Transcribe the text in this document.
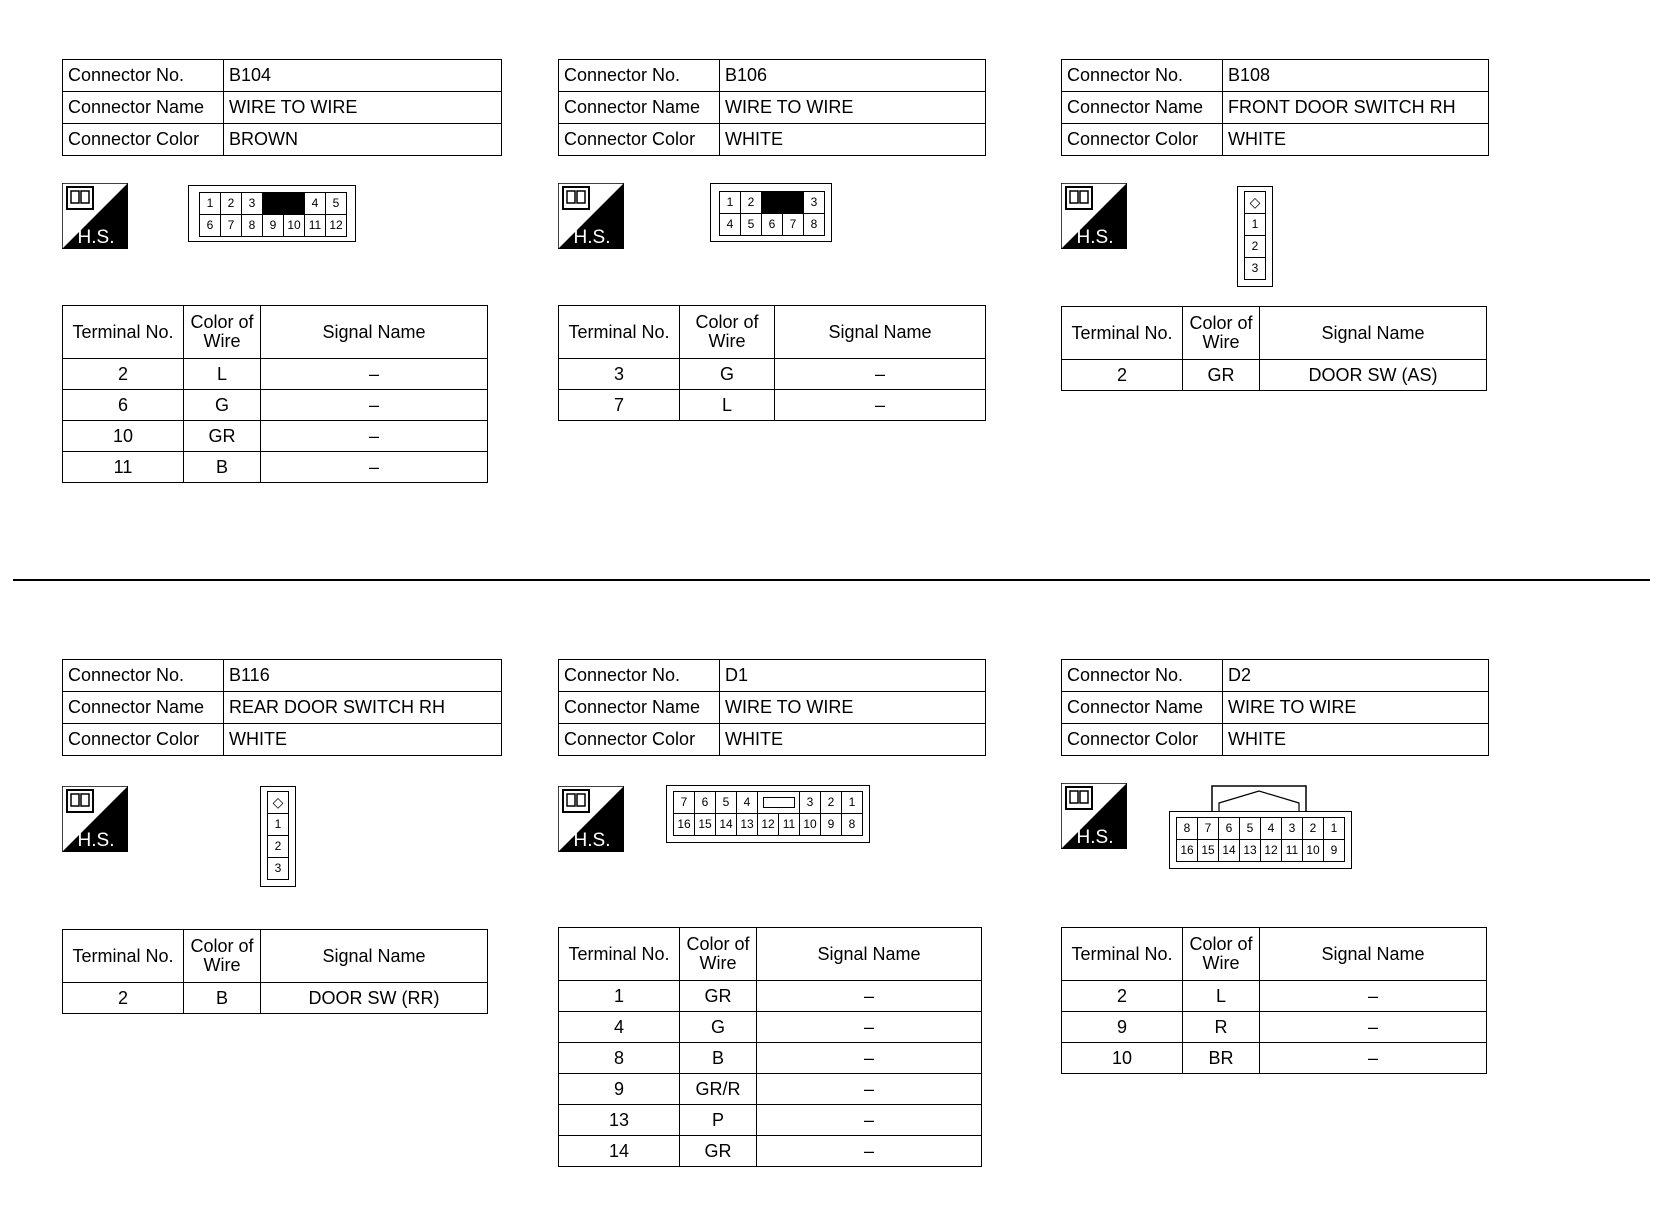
Connector No.	B104
Connector Name	WIRE TO WIRE
Connector Color	BROWN
H.S.
1	2	3			4	5
6	7	8	9	10	11	12
Terminal No.	Color of Wire	Signal Name
2	L	–
6	G	–
10	GR	–
11	B	–
Connector No.	B106
Connector Name	WIRE TO WIRE
Connector Color	WHITE
H.S.
1	2			3
4	5	6	7	8
Terminal No.	Color of Wire	Signal Name
3	G	–
7	L	–
Connector No.	B108
Connector Name	FRONT DOOR SWITCH RH
Connector Color	WHITE
H.S.
◇
1
2
3
Terminal No.	Color of Wire	Signal Name
2	GR	DOOR SW (AS)
Connector No.	B116
Connector Name	REAR DOOR SWITCH RH
Connector Color	WHITE
H.S.
◇
1
2
3
Terminal No.	Color of Wire	Signal Name
2	B	DOOR SW (RR)
Connector No.	D1
Connector Name	WIRE TO WIRE
Connector Color	WHITE
H.S.
7	6	5	4			3	2	1
16	15	14	13	12	11	10	9	8
Terminal No.	Color of Wire	Signal Name
1	GR	–
4	G	–
8	B	–
9	GR/R	–
13	P	–
14	GR	–
Connector No.	D2
Connector Name	WIRE TO WIRE
Connector Color	WHITE
H.S.	8	7	6	5	4	3	2	1
16	15	14	13	12	11	10	9
Terminal No.	Color of Wire	Signal Name
2	L	–
9	R	–
10	BR	–
